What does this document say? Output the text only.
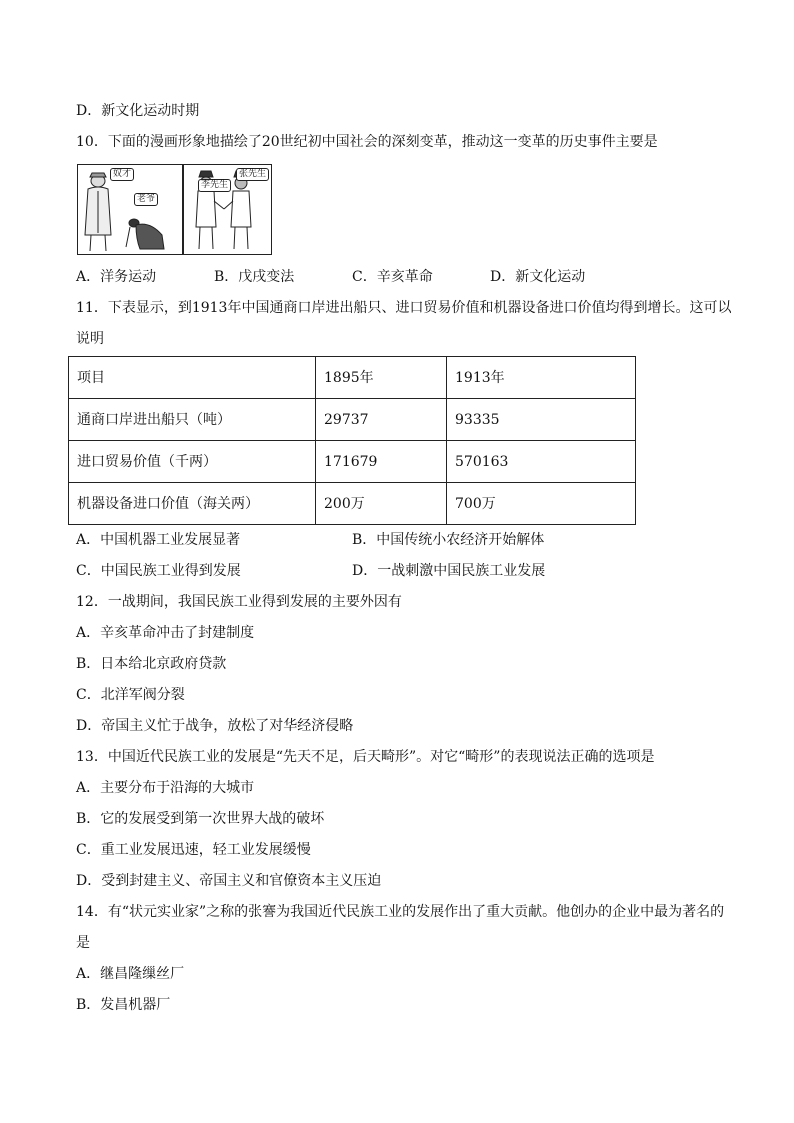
D．新文化运动时期
10．下面的漫画形象地描绘了20世纪初中国社会的深刻变革，推动这一变革的历史事件主要是
奴才
老爷
李先生
张先生
A．洋务运动	B．戊戌变法	C．辛亥革命	D．新文化运动
11．下表显示，到1913年中国通商口岸进出船只、进口贸易价值和机器设备进口价值均得到增长。这可以
说明
项目	1895年	1913年
通商口岸进出船只（吨）	29737	93335
进口贸易价值（千两）	171679	570163
机器设备进口价值（海关两）	200万	700万
A．中国机器工业发展显著	B．中国传统小农经济开始解体
C．中国民族工业得到发展	D．一战刺激中国民族工业发展
12．一战期间，我国民族工业得到发展的主要外因有
A．辛亥革命冲击了封建制度
B．日本给北京政府贷款
C．北洋军阀分裂
D．帝国主义忙于战争，放松了对华经济侵略
13．中国近代民族工业的发展是“先天不足，后天畸形”。对它“畸形”的表现说法正确的选项是
A．主要分布于沿海的大城市
B．它的发展受到第一次世界大战的破坏
C．重工业发展迅速，轻工业发展缓慢
D．受到封建主义、帝国主义和官僚资本主义压迫
14．有“状元实业家”之称的张謇为我国近代民族工业的发展作出了重大贡献。他创办的企业中最为著名的
是
A．继昌隆缫丝厂
B．发昌机器厂
